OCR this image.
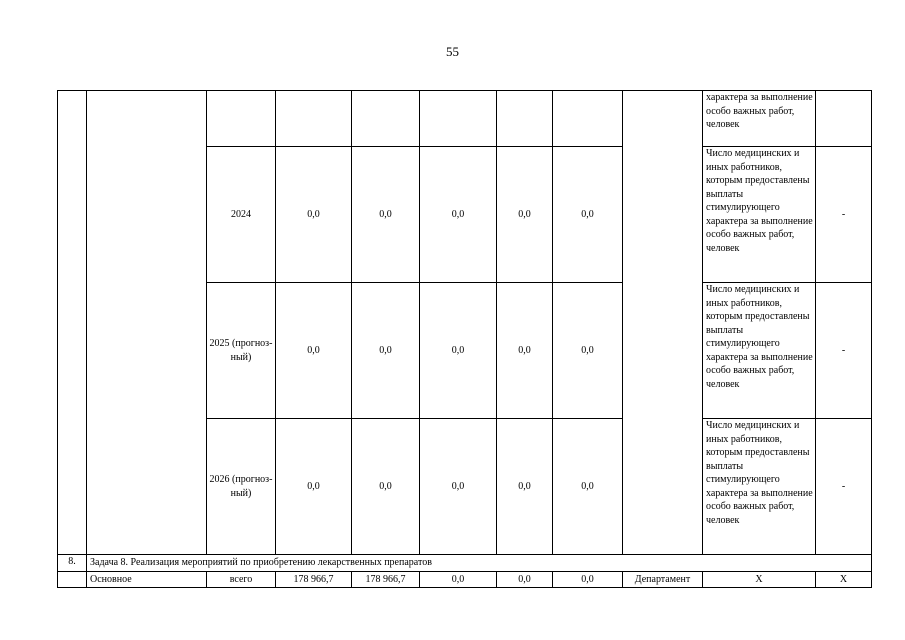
55
									характера за выполнение особо важных работ, человек	
		2024	0,0	0,0	0,0	0,0	0,0		Число медицинских и иных работников, которым предоставлены выплаты стимулирующего характера за выполнение особо важных работ, человек	-
		2025 (прогноз-ный)	0,0	0,0	0,0	0,0	0,0		Число медицинских и иных работников, которым предоставлены выплаты стимулирующего характера за выполнение особо важных работ, человек	-
		2026 (прогноз-ный)	0,0	0,0	0,0	0,0	0,0		Число медицинских и иных работников, которым предоставлены выплаты стимулирующего характера за выполнение особо важных работ, человек	-
8.	Задача 8. Реализация мероприятий по приобретению лекарственных препаратов									
	Основное	всего	178 966,7	178 966,7	0,0	0,0	0,0	Департамент	X	X
